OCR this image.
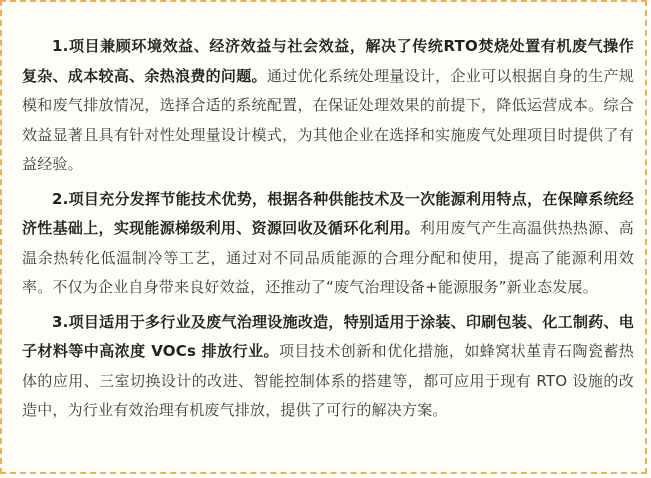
1.项目兼顾环境效益、经济效益与社会效益，解决了传统RTO焚烧处置有机废气操作复杂、成本较高、余热浪费的问题。通过优化系统处理量设计，企业可以根据自身的生产规模和废气排放情况，选择合适的系统配置，在保证处理效果的前提下，降低运营成本。综合效益显著且具有针对性处理量设计模式，为其他企业在选择和实施废气处理项目时提供了有益经验。

2.项目充分发挥节能技术优势，根据各种供能技术及一次能源利用特点，在保障系统经济性基础上，实现能源梯级利用、资源回收及循环化利用。利用废气产生高温供热热源、高温余热转化低温制冷等工艺，通过对不同品质能源的合理分配和使用，提高了能源利用效率。不仅为企业自身带来良好效益，还推动了“废气治理设备+能源服务”新业态发展。

3.项目适用于多行业及废气治理设施改造，特别适用于涂装、印刷包装、化工制药、电子材料等中高浓度 VOCs 排放行业。项目技术创新和优化措施，如蜂窝状堇青石陶瓷蓄热体的应用、三室切换设计的改进、智能控制体系的搭建等，都可应用于现有 RTO 设施的改造中，为行业有效治理有机废气排放，提供了可行的解决方案。
